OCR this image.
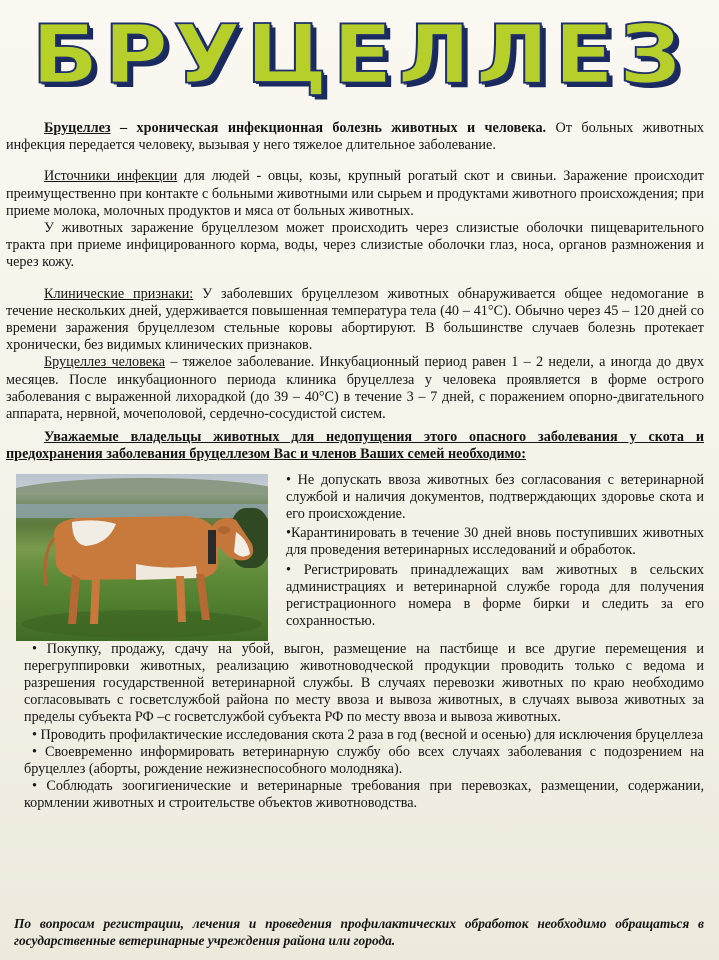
БРУЦЕЛЛЕЗ

Бруцеллез – хроническая инфекционная болезнь животных и человека. От больных животных инфекция передается человеку, вызывая у него тяжелое длительное заболевание.

Источники инфекции для людей - овцы, козы, крупный рогатый скот и свиньи. Заражение происходит преимущественно при контакте с больными животными или сырьем и продуктами животного происхождения; при приеме молока, молочных продуктов и мяса от больных животных.

У животных заражение бруцеллезом может происходить через слизистые оболочки пищеварительного тракта при приеме инфицированного корма, воды, через слизистые оболочки глаз, носа, органов размножения и через кожу.

Клинические признаки: У заболевших бруцеллезом животных обнаруживается общее недомогание в течение нескольких дней, удерживается повышенная температура тела (40 – 41°С). Обычно через 45 – 120 дней со времени заражения бруцеллезом стельные коровы абортируют. В большинстве случаев болезнь протекает хронически, без видимых клинических признаков.

Бруцеллез человека – тяжелое заболевание. Инкубационный период равен 1 – 2 недели, а иногда до двух месяцев. После инкубационного периода клиника бруцеллеза у человека проявляется в форме острого заболевания с выраженной лихорадкой (до 39 – 40°С) в течение 3 – 7 дней, с поражением опорно-двигательного аппарата, нервной, мочеполовой, сердечно-сосудистой систем.

Уважаемые владельцы животных для недопущения этого опасного заболевания у скота и предохранения заболевания бруцеллезом Вас и членов Ваших семей необходимо:

• Не допускать ввоза животных без согласования с ветеринарной службой и наличия документов, подтверждающих здоровье скота и его происхождение.

•Карантинировать в течение 30 дней вновь поступивших животных для проведения ветеринарных исследований и обработок.

• Регистрировать принадлежащих вам животных в сельских администрациях и ветеринарной службе города для получения регистрационного номера в форме бирки и следить за его сохранностью.

• Покупку, продажу, сдачу на убой, выгон, размещение на пастбище и все другие перемещения и перегруппировки животных, реализацию животноводческой продукции проводить только с ведома и разрешения государственной ветеринарной службы. В случаях перевозки животных по краю необходимо согласовывать с госветслужбой района по месту ввоза и вывоза животных, в случаях вывоза животных за пределы субъекта РФ –с госветслужбой субъекта РФ по месту ввоза и вывоза животных.

• Проводить профилактические исследования скота 2 раза в год (весной и осенью) для исключения бруцеллеза

• Своевременно информировать ветеринарную службу обо всех случаях заболевания с подозрением на бруцеллез (аборты, рождение нежизнеспособного молодняка).

• Соблюдать зоогигиенические и ветеринарные требования при перевозках, размещении, содержании, кормлении животных и строительстве объектов животноводства.

По вопросам регистрации, лечения и проведения профилактических обработок необходимо обращаться в государственные ветеринарные учреждения района или города.
